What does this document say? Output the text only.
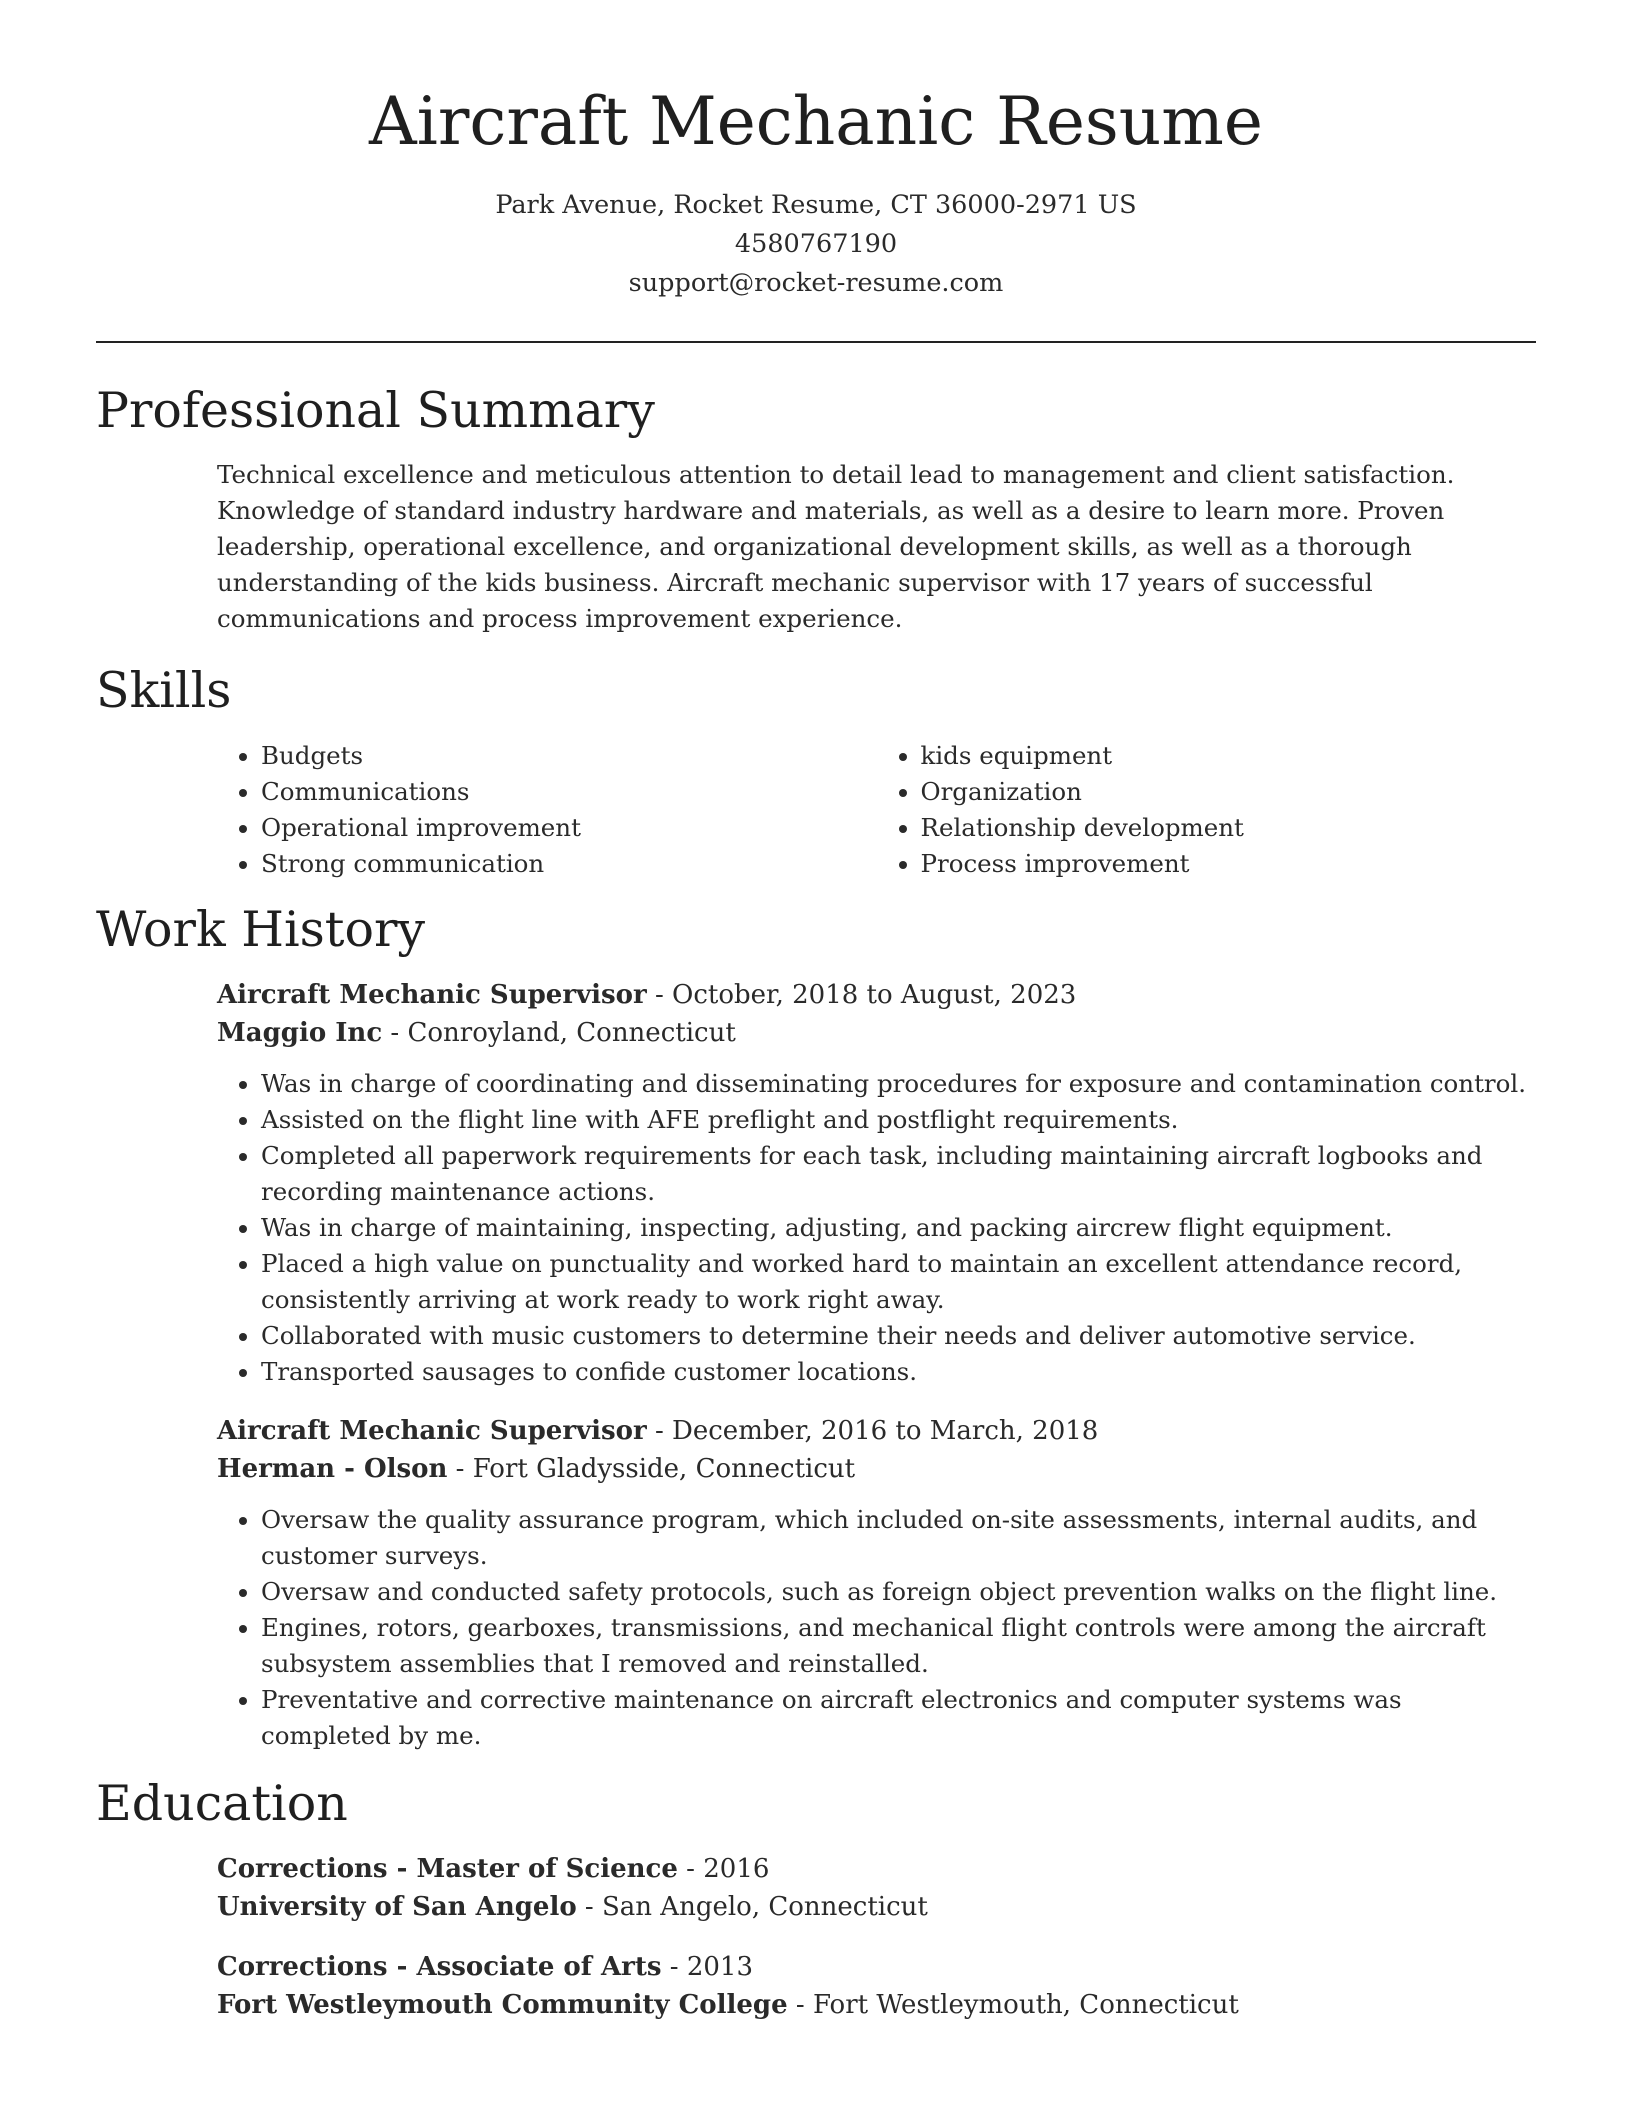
Aircraft Mechanic Resume
Park Avenue, Rocket Resume, CT 36000-2971 US
4580767190
support@rocket-resume.com
Professional Summary

Technical excellence and meticulous attention to detail lead to management and client satisfaction. Knowledge of standard industry hardware and materials, as well as a desire to learn more. Proven leadership, operational excellence, and organizational development skills, as well as a thorough understanding of the kids business. Aircraft mechanic supervisor with 17 years of successful communications and process improvement experience.

Skills
• Budgets
• Communications
• Operational improvement
• Strong communication
• kids equipment
• Organization
• Relationship development
• Process improvement
Work History
Aircraft Mechanic Supervisor - October, 2018 to August, 2023
Maggio Inc - Conroyland, Connecticut
• Was in charge of coordinating and disseminating procedures for exposure and contamination control.
• Assisted on the flight line with AFE preflight and postflight requirements.
• Completed all paperwork requirements for each task, including maintaining aircraft logbooks and recording maintenance actions.
• Was in charge of maintaining, inspecting, adjusting, and packing aircrew flight equipment.
• Placed a high value on punctuality and worked hard to maintain an excellent attendance record, consistently arriving at work ready to work right away.
• Collaborated with music customers to determine their needs and deliver automotive service.
• Transported sausages to confide customer locations.
Aircraft Mechanic Supervisor - December, 2016 to March, 2018
Herman - Olson - Fort Gladysside, Connecticut
• Oversaw the quality assurance program, which included on-site assessments, internal audits, and customer surveys.
• Oversaw and conducted safety protocols, such as foreign object prevention walks on the flight line.
• Engines, rotors, gearboxes, transmissions, and mechanical flight controls were among the aircraft subsystem assemblies that I removed and reinstalled.
• Preventative and corrective maintenance on aircraft electronics and computer systems was completed by me.
Education
Corrections - Master of Science - 2016
University of San Angelo - San Angelo, Connecticut
Corrections - Associate of Arts - 2013
Fort Westleymouth Community College - Fort Westleymouth, Connecticut
